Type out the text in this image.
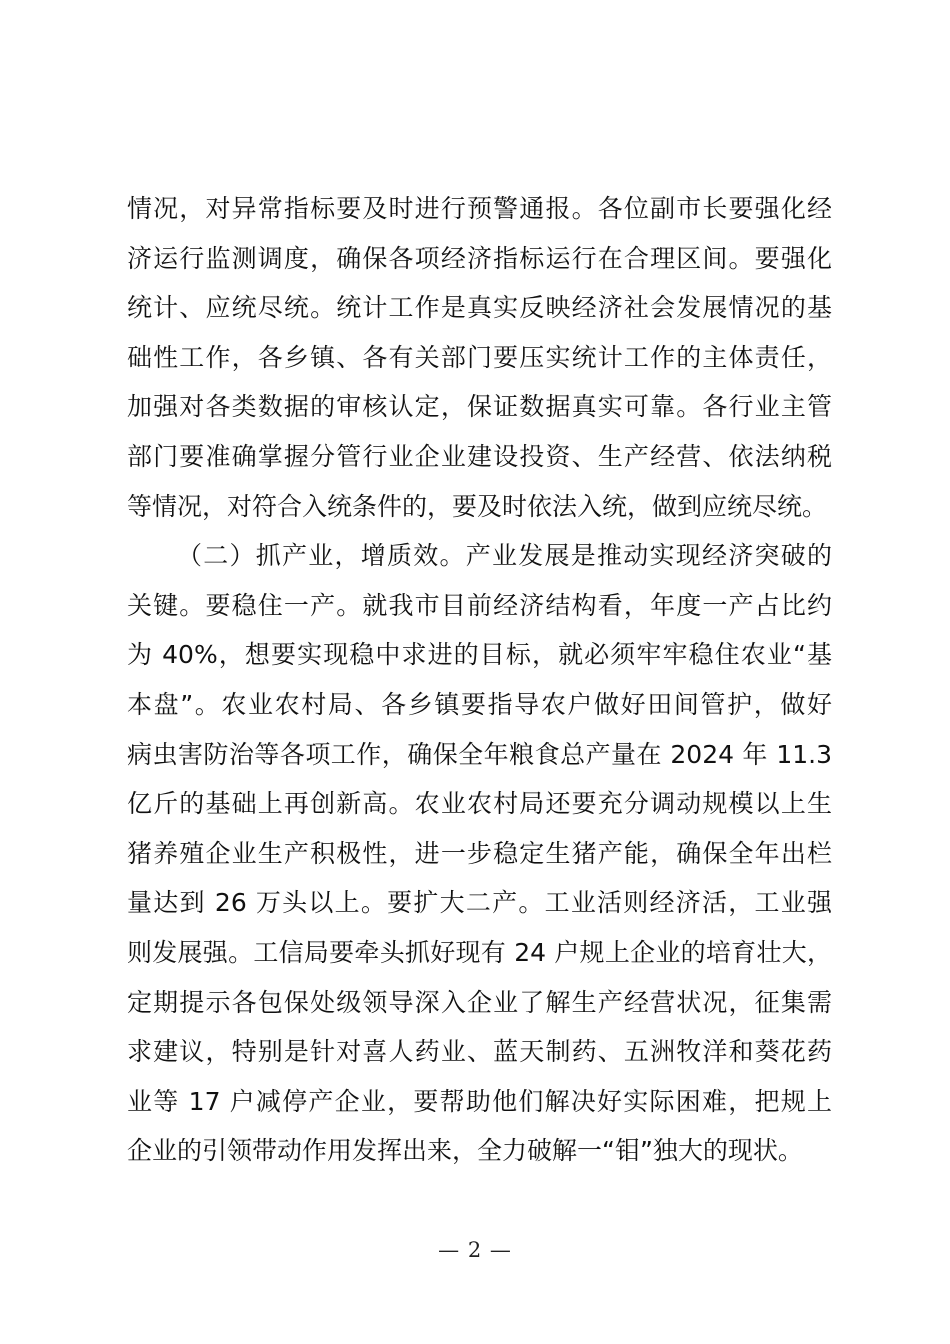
情况，对异常指标要及时进行预警通报。各位副市长要强化经
济运行监测调度，确保各项经济指标运行在合理区间。要强化
统计、应统尽统。统计工作是真实反映经济社会发展情况的基
础性工作，各乡镇、各有关部门要压实统计工作的主体责任，
加强对各类数据的审核认定，保证数据真实可靠。各行业主管
部门要准确掌握分管行业企业建设投资、生产经营、依法纳税
等情况，对符合入统条件的，要及时依法入统，做到应统尽统。
（二）抓产业，增质效。产业发展是推动实现经济突破的
关键。要稳住一产。就我市目前经济结构看，年度一产占比约
为 40%，想要实现稳中求进的目标，就必须牢牢稳住农业“基
本盘”。农业农村局、各乡镇要指导农户做好田间管护，做好
病虫害防治等各项工作，确保全年粮食总产量在 2024 年 11.3
亿斤的基础上再创新高。农业农村局还要充分调动规模以上生
猪养殖企业生产积极性，进一步稳定生猪产能，确保全年出栏
量达到 26 万头以上。要扩大二产。工业活则经济活，工业强
则发展强。工信局要牵头抓好现有 24 户规上企业的培育壮大，
定期提示各包保处级领导深入企业了解生产经营状况，征集需
求建议，特别是针对喜人药业、蓝天制药、五洲牧洋和葵花药
业等 17 户减停产企业，要帮助他们解决好实际困难，把规上
企业的引领带动作用发挥出来，全力破解一“钼”独大的现状。
— 2 —
